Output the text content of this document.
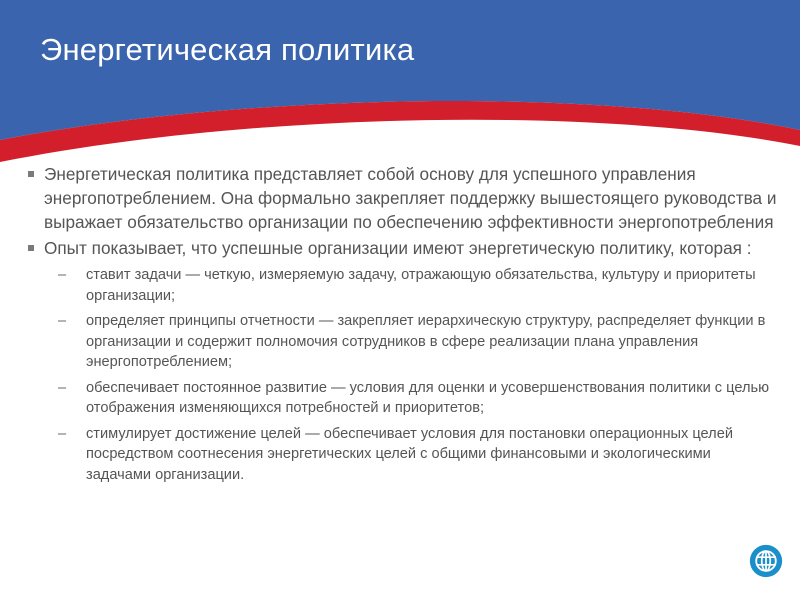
Энергетическая политика
Энергетическая политика представляет собой основу для успешного управления энергопотреблением. Она формально закрепляет поддержку вышестоящего руководства и выражает обязательство организации по обеспечению эффективности энергопотребления
Опыт показывает, что успешные организации имеют энергетическую политику, которая :
– ставит задачи — четкую, измеряемую задачу, отражающую обязательства, культуру и приоритеты организации;
– определяет принципы отчетности — закрепляет иерархическую структуру, распределяет функции в организации и содержит полномочия сотрудников в сфере реализации плана управления энергопотреблением;
– обеспечивает постоянное развитие — условия для оценки и усовершенствования политики с целью отображения изменяющихся потребностей и приоритетов;
– стимулирует достижение целей — обеспечивает условия для постановки операционных целей посредством соотнесения энергетических целей с общими финансовыми и экологическими задачами организации.
